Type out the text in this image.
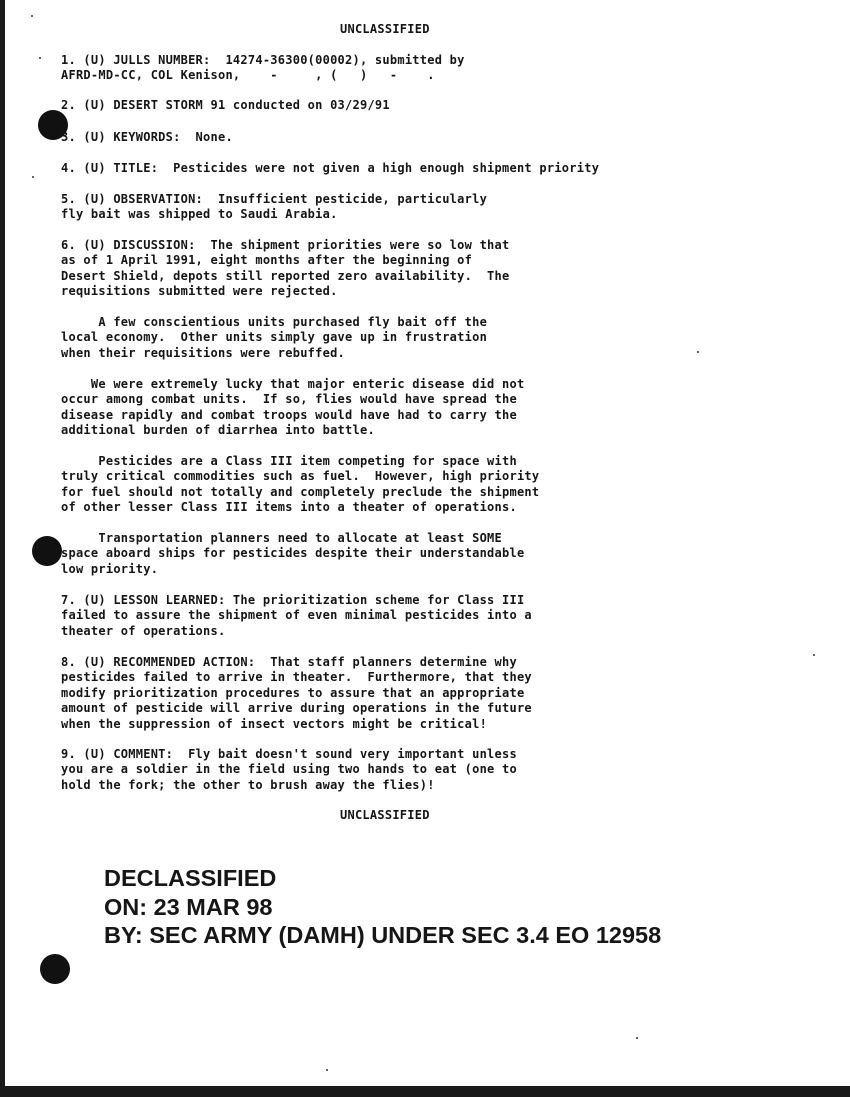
UNCLASSIFIED
1. (U) JULLS NUMBER:  14274-36300(00002), submitted by
AFRD-MD-CC, COL Kenison,    -     , (   )   -    .
2. (U) DESERT STORM 91 conducted on 03/29/91
3. (U) KEYWORDS:  None.
4. (U) TITLE:  Pesticides were not given a high enough shipment priority
5. (U) OBSERVATION:  Insufficient pesticide, particularly
fly bait was shipped to Saudi Arabia.
6. (U) DISCUSSION:  The shipment priorities were so low that
as of 1 April 1991, eight months after the beginning of
Desert Shield, depots still reported zero availability.  The
requisitions submitted were rejected.
A few conscientious units purchased fly bait off the
local economy.  Other units simply gave up in frustration
when their requisitions were rebuffed.
We were extremely lucky that major enteric disease did not
occur among combat units.  If so, flies would have spread the
disease rapidly and combat troops would have had to carry the
additional burden of diarrhea into battle.
Pesticides are a Class III item competing for space with
truly critical commodities such as fuel.  However, high priority
for fuel should not totally and completely preclude the shipment
of other lesser Class III items into a theater of operations.
Transportation planners need to allocate at least SOME
space aboard ships for pesticides despite their understandable
low priority.
7. (U) LESSON LEARNED: The prioritization scheme for Class III
failed to assure the shipment of even minimal pesticides into a
theater of operations.
8. (U) RECOMMENDED ACTION:  That staff planners determine why
pesticides failed to arrive in theater.  Furthermore, that they
modify prioritization procedures to assure that an appropriate
amount of pesticide will arrive during operations in the future
when the suppression of insect vectors might be critical!
9. (U) COMMENT:  Fly bait doesn't sound very important unless
you are a soldier in the field using two hands to eat (one to
hold the fork; the other to brush away the flies)!
UNCLASSIFIED
DECLASSIFIED
ON: 23 MAR 98
BY: SEC ARMY (DAMH) UNDER SEC 3.4 EO 12958
